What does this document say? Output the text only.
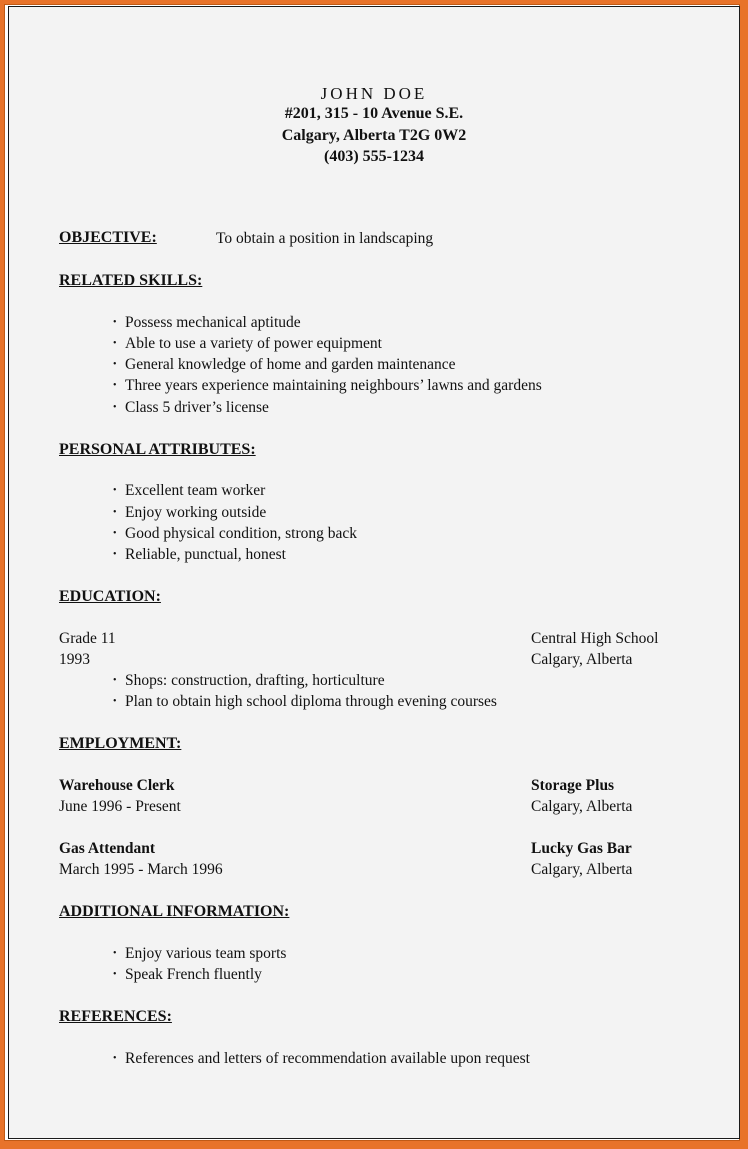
JOHN DOE
#201, 315 - 10 Avenue S.E.
Calgary, Alberta T2G 0W2
(403) 555-1234
OBJECTIVE:	To obtain a position in landscaping
RELATED SKILLS:
• Possess mechanical aptitude
• Able to use a variety of power equipment
• General knowledge of home and garden maintenance
• Three years experience maintaining neighbours’ lawns and gardens
• Class 5 driver’s license
PERSONAL ATTRIBUTES:
• Excellent team worker
• Enjoy working outside
• Good physical condition, strong back
• Reliable, punctual, honest
EDUCATION:
Grade 11	Central High School
1993	Calgary, Alberta
• Shops: construction, drafting, horticulture
• Plan to obtain high school diploma through evening courses
EMPLOYMENT:
Warehouse Clerk	Storage Plus
June 1996 - Present	Calgary, Alberta
Gas Attendant	Lucky Gas Bar
March 1995 - March 1996	Calgary, Alberta
ADDITIONAL INFORMATION:
• Enjoy various team sports
• Speak French fluently
REFERENCES:
• References and letters of recommendation available upon request
